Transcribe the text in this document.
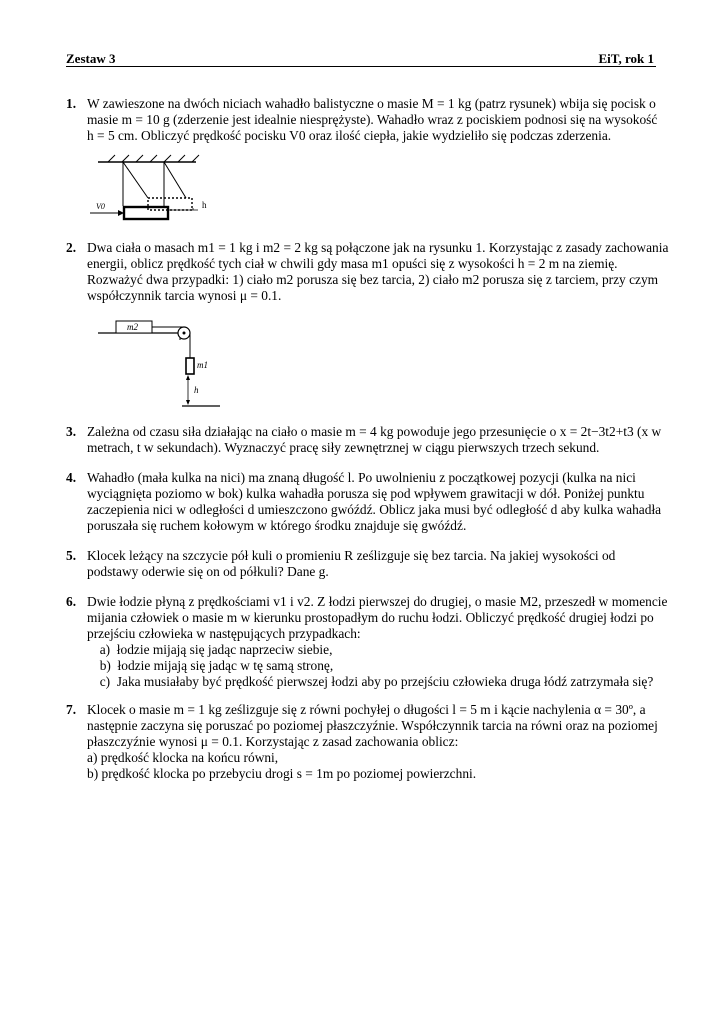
Zestaw 3	EiT, rok 1
1. W zawieszone na dwóch niciach wahadło balistyczne o masie M = 1 kg (patrz rysunek) wbija się pocisk o
masie m = 10 g (zderzenie jest idealnie niesprężyste). Wahadło wraz z pociskiem podnosi się na wysokość
h = 5 cm. Obliczyć prędkość pocisku V0 oraz ilość ciepła, jakie wydzieliło się podczas zderzenia.
h
V0
2. Dwa ciała o masach m1 = 1 kg i m2 = 2 kg są połączone jak na rysunku 1. Korzystając z zasady zachowania
energii, oblicz prędkość tych ciał w chwili gdy masa m1 opuści się z wysokości h = 2 m na ziemię.
Rozważyć dwa przypadki: 1) ciało m2 porusza się bez tarcia, 2) ciało m2 porusza się z tarciem, przy czym
współczynnik tarcia wynosi μ = 0.1.
m2
m1
h
3. Zależna od czasu siła działając na ciało o masie m = 4 kg powoduje jego przesunięcie o x = 2t−3t2+t3 (x w
metrach, t w sekundach). Wyznaczyć pracę siły zewnętrznej w ciągu pierwszych trzech sekund.
4. Wahadło (mała kulka na nici) ma znaną długość l. Po uwolnieniu z początkowej pozycji (kulka na nici
wyciągnięta poziomo w bok) kulka wahadła porusza się pod wpływem grawitacji w dół. Poniżej punktu
zaczepienia nici w odległości d umieszczono gwóźdź. Oblicz jaka musi być odległość d aby kulka wahadła
poruszała się ruchem kołowym w którego środku znajduje się gwóźdź.
5. Klocek leżący na szczycie pół kuli o promieniu R ześlizguje się bez tarcia. Na jakiej wysokości od
podstawy oderwie się on od półkuli? Dane g.
6. Dwie łodzie płyną z prędkościami v1 i v2. Z łodzi pierwszej do drugiej, o masie M2, przeszedł w momencie
mijania człowiek o masie m w kierunku prostopadłym do ruchu łodzi. Obliczyć prędkość drugiej łodzi po
przejściu człowieka w następujących przypadkach:
a)  łodzie mijają się jadąc naprzeciw siebie,
b)  łodzie mijają się jadąc w tę samą stronę,
c)  Jaka musiałaby być prędkość pierwszej łodzi aby po przejściu człowieka druga łódź zatrzymała się?
7. Klocek o masie m = 1 kg ześlizguje się z równi pochyłej o długości l = 5 m i kącie nachylenia α = 30º, a
następnie zaczyna się poruszać po poziomej płaszczyźnie. Współczynnik tarcia na równi oraz na poziomej
płaszczyźnie wynosi μ = 0.1. Korzystając z zasad zachowania oblicz:
a) prędkość klocka na końcu równi,
b) prędkość klocka po przebyciu drogi s = 1m po poziomej powierzchni.
